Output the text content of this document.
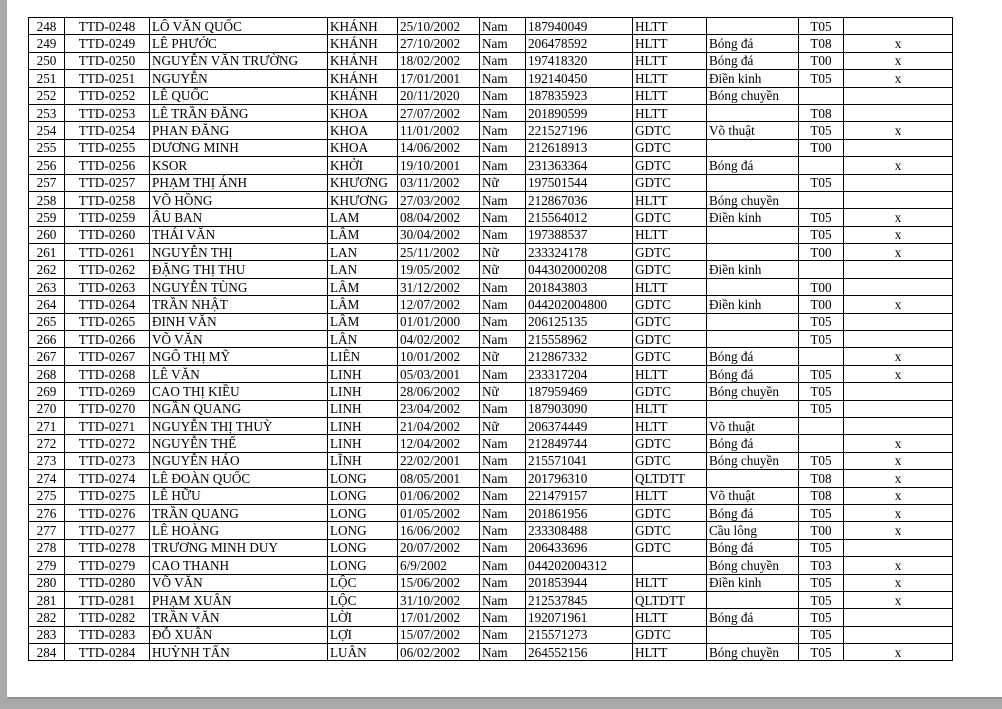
248	TTD-0248	LÔ VĂN QUỐC	KHÁNH	25/10/2002	Nam	187940049	HLTT		T05	
249	TTD-0249	LÊ PHƯỚC	KHÁNH	27/10/2002	Nam	206478592	HLTT	Bóng đá	T08	x
250	TTD-0250	NGUYỄN VĂN TRƯỜNG	KHÁNH	18/02/2002	Nam	197418320	HLTT	Bóng đá	T00	x
251	TTD-0251	NGUYỄN	KHÁNH	17/01/2001	Nam	192140450	HLTT	Điền kinh	T05	x
252	TTD-0252	LÊ QUỐC	KHÁNH	20/11/2020	Nam	187835923	HLTT	Bóng chuyền		
253	TTD-0253	LÊ TRẦN ĐĂNG	KHOA	27/07/2002	Nam	201890599	HLTT		T08	
254	TTD-0254	PHAN ĐĂNG	KHOA	11/01/2002	Nam	221527196	GDTC	Võ thuật	T05	x
255	TTD-0255	DƯƠNG MINH	KHOA	14/06/2002	Nam	212618913	GDTC		T00	
256	TTD-0256	KSOR	KHỞI	19/10/2001	Nam	231363364	GDTC	Bóng đá		x
257	TTD-0257	PHẠM THỊ ÁNH	KHƯƠNG	03/11/2002	Nữ	197501544	GDTC		T05	
258	TTD-0258	VÕ HỒNG	KHƯƠNG	27/03/2002	Nam	212867036	HLTT	Bóng chuyền		
259	TTD-0259	ÂU BAN	LAM	08/04/2002	Nam	215564012	GDTC	Điền kinh	T05	x
260	TTD-0260	THÁI VĂN	LÂM	30/04/2002	Nam	197388537	HLTT		T05	x
261	TTD-0261	NGUYỄN THỊ	LAN	25/11/2002	Nữ	233324178	GDTC		T00	x
262	TTD-0262	ĐẶNG THỊ THU	LAN	19/05/2002	Nữ	044302000208	GDTC	Điền kinh		
263	TTD-0263	NGUYỄN TÙNG	LÂM	31/12/2002	Nam	201843803	HLTT		T00	
264	TTD-0264	TRẦN NHẬT	LÂM	12/07/2002	Nam	044202004800	GDTC	Điền kinh	T00	x
265	TTD-0265	ĐINH VĂN	LÂM	01/01/2000	Nam	206125135	GDTC		T05	
266	TTD-0266	VÕ VĂN	LÂN	04/02/2002	Nam	215558962	GDTC		T05	
267	TTD-0267	NGÔ THỊ MỸ	LIÊN	10/01/2002	Nữ	212867332	GDTC	Bóng đá		x
268	TTD-0268	LÊ VĂN	LINH	05/03/2001	Nam	233317204	HLTT	Bóng đá	T05	x
269	TTD-0269	CAO THỊ KIỀU	LINH	28/06/2002	Nữ	187959469	GDTC	Bóng chuyền	T05	
270	TTD-0270	NGẦN QUANG	LINH	23/04/2002	Nam	187903090	HLTT		T05	
271	TTD-0271	NGUYỄN THỊ THUỲ	LINH	21/04/2002	Nữ	206374449	HLTT	Võ thuật		
272	TTD-0272	NGUYỄN THẾ	LINH	12/04/2002	Nam	212849744	GDTC	Bóng đá		x
273	TTD-0273	NGUYỄN HÁO	LĨNH	22/02/2001	Nam	215571041	GDTC	Bóng chuyền	T05	x
274	TTD-0274	LÊ ĐOÀN QUỐC	LONG	08/05/2001	Nam	201796310	QLTDTT		T08	x
275	TTD-0275	LÊ HỮU	LONG	01/06/2002	Nam	221479157	HLTT	Võ thuật	T08	x
276	TTD-0276	TRẦN QUANG	LONG	01/05/2002	Nam	201861956	GDTC	Bóng đá	T05	x
277	TTD-0277	LÊ HOÀNG	LONG	16/06/2002	Nam	233308488	GDTC	Cầu lông	T00	x
278	TTD-0278	TRƯƠNG MINH DUY	LONG	20/07/2002	Nam	206433696	GDTC	Bóng đá	T05	
279	TTD-0279	CAO THANH	LONG	6/9/2002	Nam	044202004312		Bóng chuyền	T03	x
280	TTD-0280	VÕ VĂN	LỘC	15/06/2002	Nam	201853944	HLTT	Điền kinh	T05	x
281	TTD-0281	PHẠM XUÂN	LỘC	31/10/2002	Nam	212537845	QLTDTT		T05	x
282	TTD-0282	TRẦN VĂN	LỜI	17/01/2002	Nam	192071961	HLTT	Bóng đá	T05	
283	TTD-0283	ĐỖ XUÂN	LỢI	15/07/2002	Nam	215571273	GDTC		T05	
284	TTD-0284	HUỲNH TẤN	LUÂN	06/02/2002	Nam	264552156	HLTT	Bóng chuyền	T05	x
